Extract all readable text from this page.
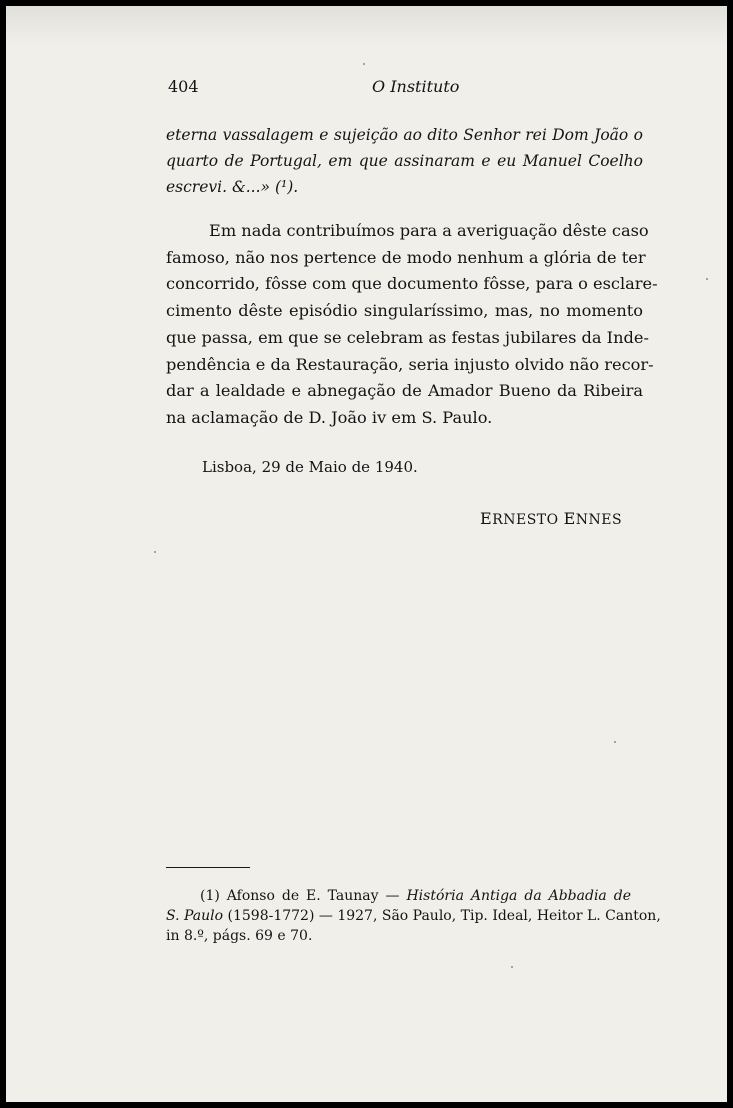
404	O Instituto
eterna vassalagem e sujeição ao dito Senhor rei Dom João o
quarto de Portugal, em que assinaram e eu Manuel Coelho
escrevi. &...» (¹).
Em nada contribuímos para a averiguação dêste caso
famoso, não nos pertence de modo nenhum a glória de ter
concorrido, fôsse com que documento fôsse, para o esclare-
cimento dêste episódio singularíssimo, mas, no momento
que passa, em que se celebram as festas jubilares da Inde-
pendência e da Restauração, seria injusto olvido não recor-
dar a lealdade e abnegação de Amador Bueno da Ribeira
na aclamação de D. João iv em S. Paulo.
Lisboa, 29 de Maio de 1940.
ERNESTO ENNES
(1) Afonso de E. Taunay — História Antiga da Abbadia de
S. Paulo (1598-1772) — 1927, São Paulo, Tip. Ideal, Heitor L. Canton,
in 8.º, págs. 69 e 70.
